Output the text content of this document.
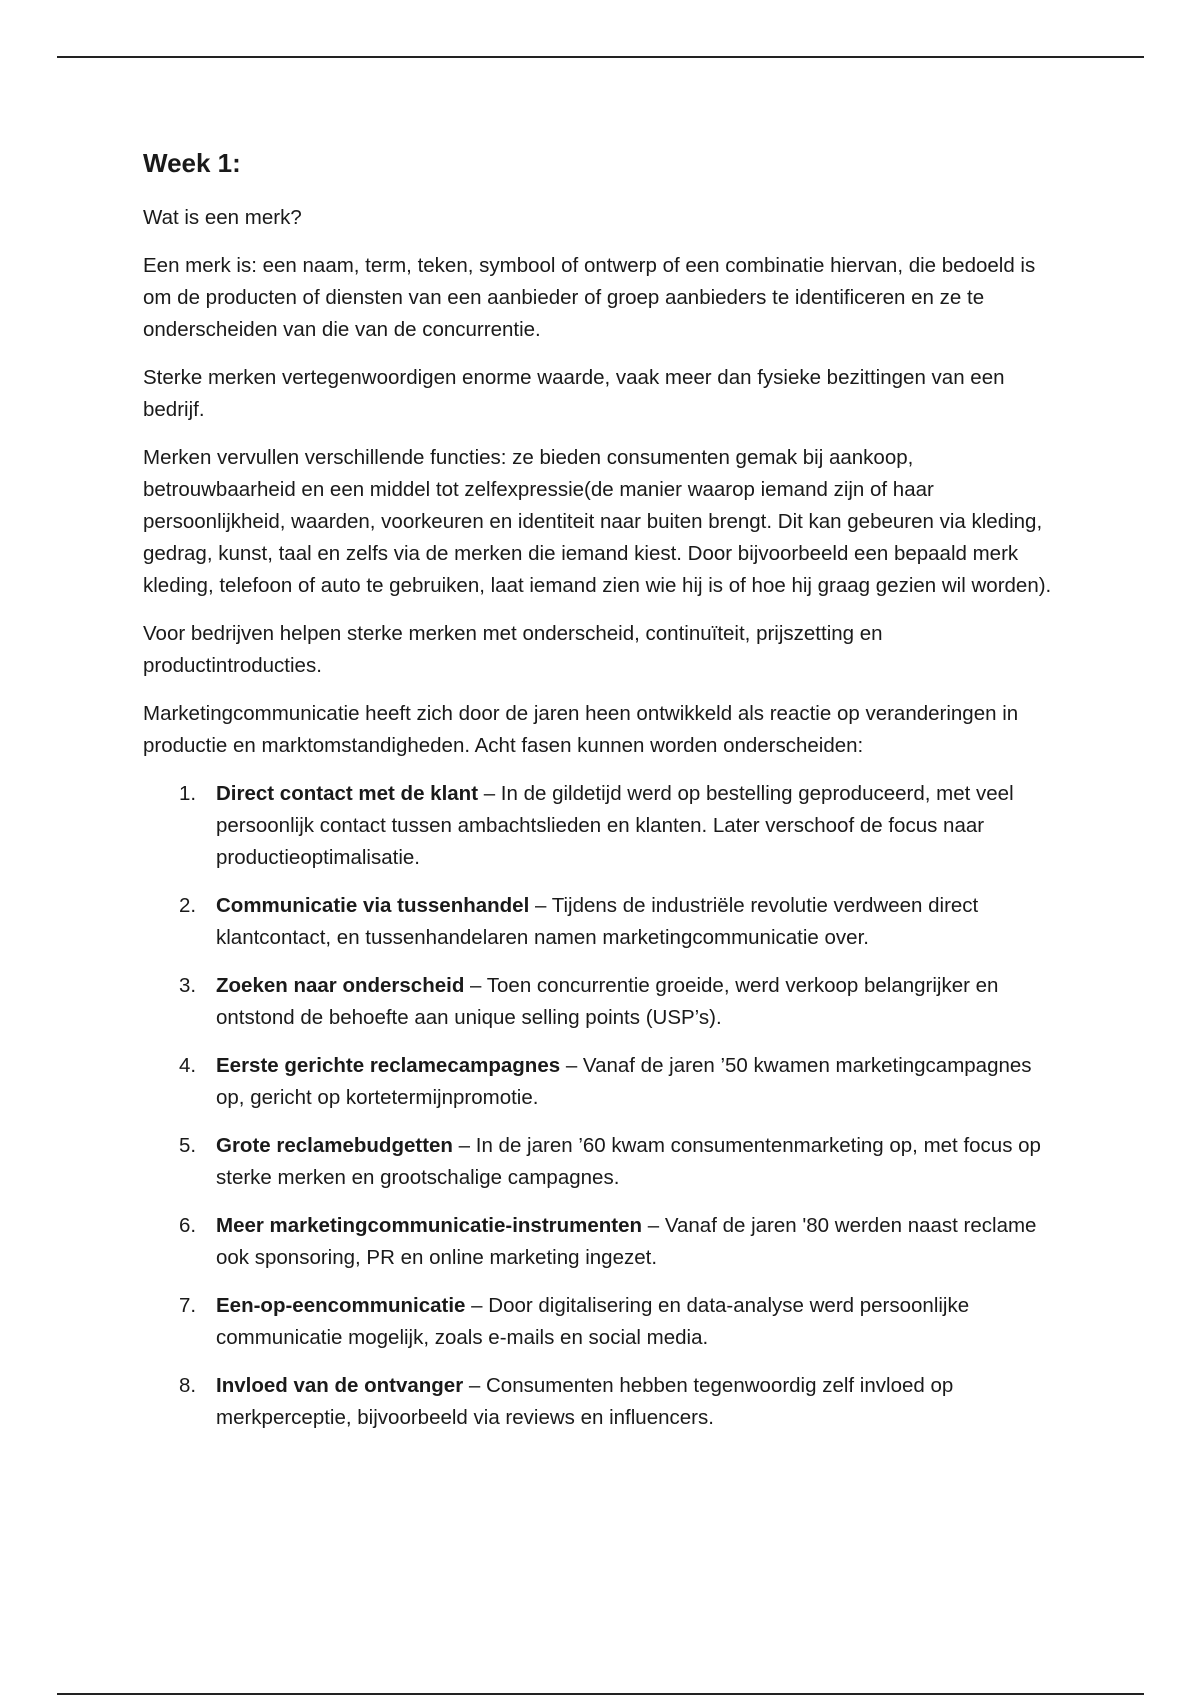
Week 1:

Wat is een merk?

Een merk is: een naam, term, teken, symbool of ontwerp of een combinatie hiervan, die bedoeld is om de producten of diensten van een aanbieder of groep aanbieders te identificeren en ze te onderscheiden van die van de concurrentie.

Sterke merken vertegenwoordigen enorme waarde, vaak meer dan fysieke bezittingen van een bedrijf.

Merken vervullen verschillende functies: ze bieden consumenten gemak bij aankoop, betrouwbaarheid en een middel tot zelfexpressie(de manier waarop iemand zijn of haar persoonlijkheid, waarden, voorkeuren en identiteit naar buiten brengt. Dit kan gebeuren via kleding, gedrag, kunst, taal en zelfs via de merken die iemand kiest. Door bijvoorbeeld een bepaald merk kleding, telefoon of auto te gebruiken, laat iemand zien wie hij is of hoe hij graag gezien wil worden).

Voor bedrijven helpen sterke merken met onderscheid, continuïteit, prijszetting en productintroducties.

Marketingcommunicatie heeft zich door de jaren heen ontwikkeld als reactie op veranderingen in productie en marktomstandigheden. Acht fasen kunnen worden onderscheiden:

1. Direct contact met de klant – In de gildetijd werd op bestelling geproduceerd, met veel persoonlijk contact tussen ambachtslieden en klanten. Later verschoof de focus naar productieoptimalisatie.
2. Communicatie via tussenhandel – Tijdens de industriële revolutie verdween direct klantcontact, en tussenhandelaren namen marketingcommunicatie over.
3. Zoeken naar onderscheid – Toen concurrentie groeide, werd verkoop belangrijker en ontstond de behoefte aan unique selling points (USP’s).
4. Eerste gerichte reclamecampagnes – Vanaf de jaren ’50 kwamen marketingcampagnes op, gericht op kortetermijnpromotie.
5. Grote reclamebudgetten – In de jaren ’60 kwam consumentenmarketing op, met focus op sterke merken en grootschalige campagnes.
6. Meer marketingcommunicatie-instrumenten – Vanaf de jaren '80 werden naast reclame ook sponsoring, PR en online marketing ingezet.
7. Een-op-eencommunicatie – Door digitalisering en data-analyse werd persoonlijke communicatie mogelijk, zoals e-mails en social media.
8. Invloed van de ontvanger – Consumenten hebben tegenwoordig zelf invloed op merkperceptie, bijvoorbeeld via reviews en influencers.
